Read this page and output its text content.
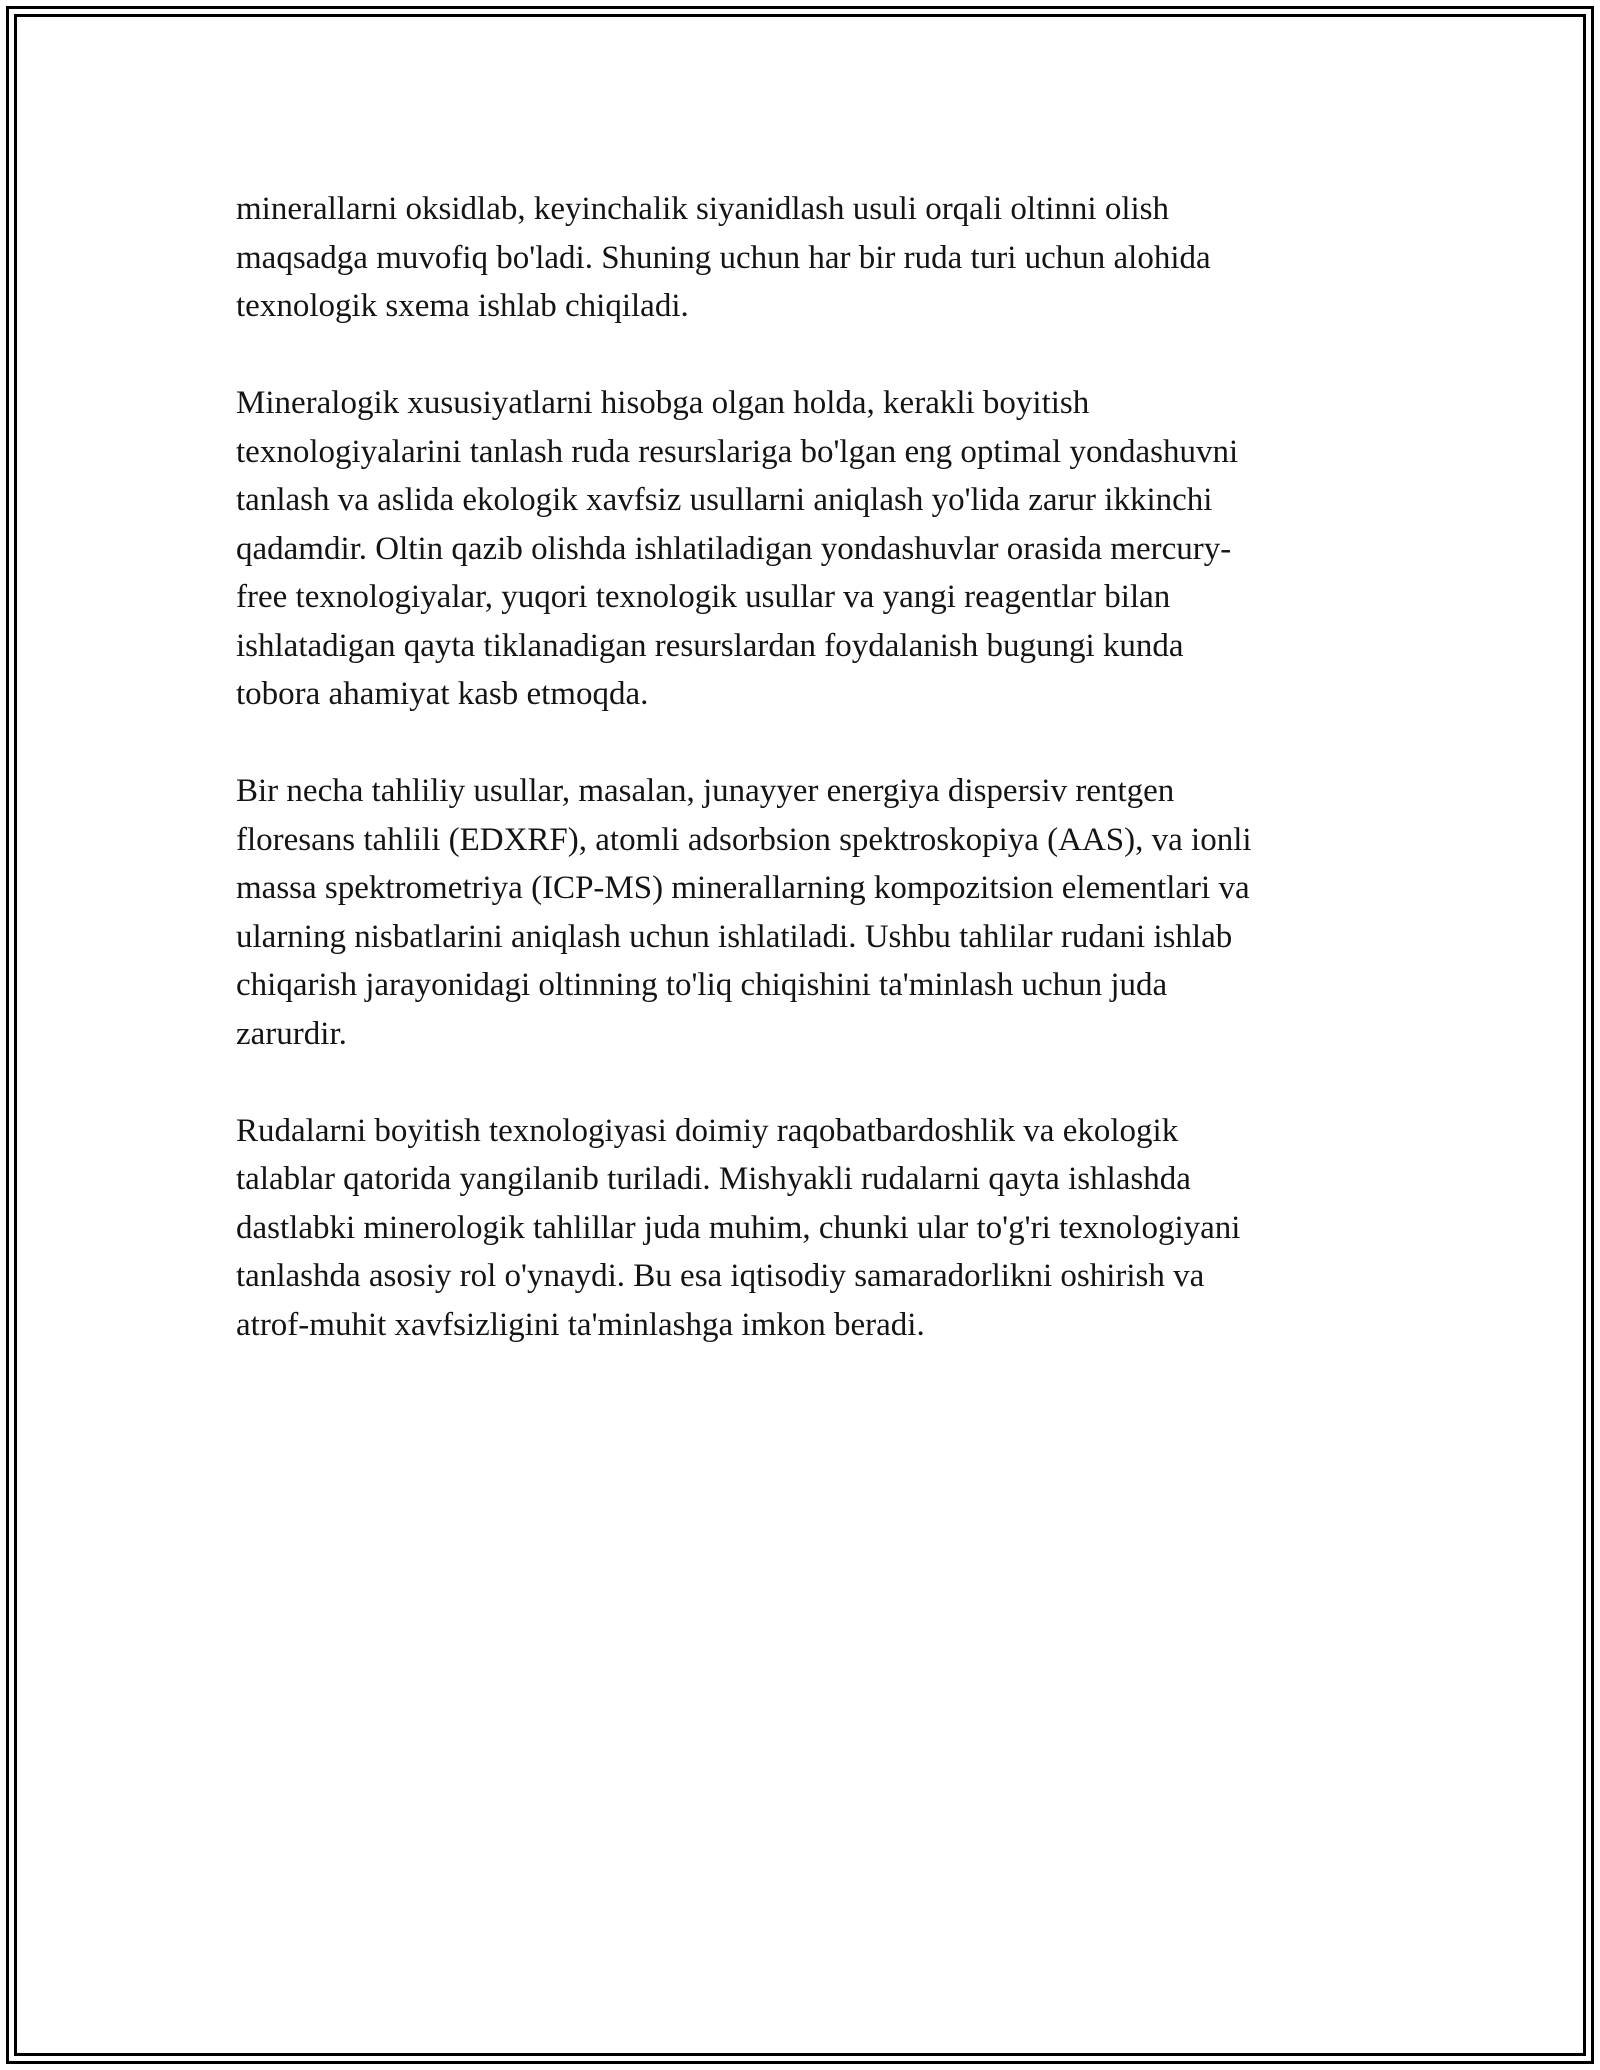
minerallarni oksidlab, keyinchalik siyanidlash usuli orqali oltinni olish
maqsadga muvofiq bo'ladi. Shuning uchun har bir ruda turi uchun alohida
texnologik sxema ishlab chiqiladi.

Mineralogik xususiyatlarni hisobga olgan holda, kerakli boyitish
texnologiyalarini tanlash ruda resurslariga bo'lgan eng optimal yondashuvni
tanlash va aslida ekologik xavfsiz usullarni aniqlash yo'lida zarur ikkinchi
qadamdir. Oltin qazib olishda ishlatiladigan yondashuvlar orasida mercury-
free texnologiyalar, yuqori texnologik usullar va yangi reagentlar bilan
ishlatadigan qayta tiklanadigan resurslardan foydalanish bugungi kunda
tobora ahamiyat kasb etmoqda.

Bir necha tahliliy usullar, masalan, junayyer energiya dispersiv rentgen
floresans tahlili (EDXRF), atomli adsorbsion spektroskopiya (AAS), va ionli
massa spektrometriya (ICP-MS) minerallarning kompozitsion elementlari va
ularning nisbatlarini aniqlash uchun ishlatiladi. Ushbu tahlilar rudani ishlab
chiqarish jarayonidagi oltinning to'liq chiqishini ta'minlash uchun juda
zarurdir.

Rudalarni boyitish texnologiyasi doimiy raqobatbardoshlik va ekologik
talablar qatorida yangilanib turiladi. Mishyakli rudalarni qayta ishlashda
dastlabki minerologik tahlillar juda muhim, chunki ular to'g'ri texnologiyani
tanlashda asosiy rol o'ynaydi. Bu esa iqtisodiy samaradorlikni oshirish va
atrof-muhit xavfsizligini ta'minlashga imkon beradi.
